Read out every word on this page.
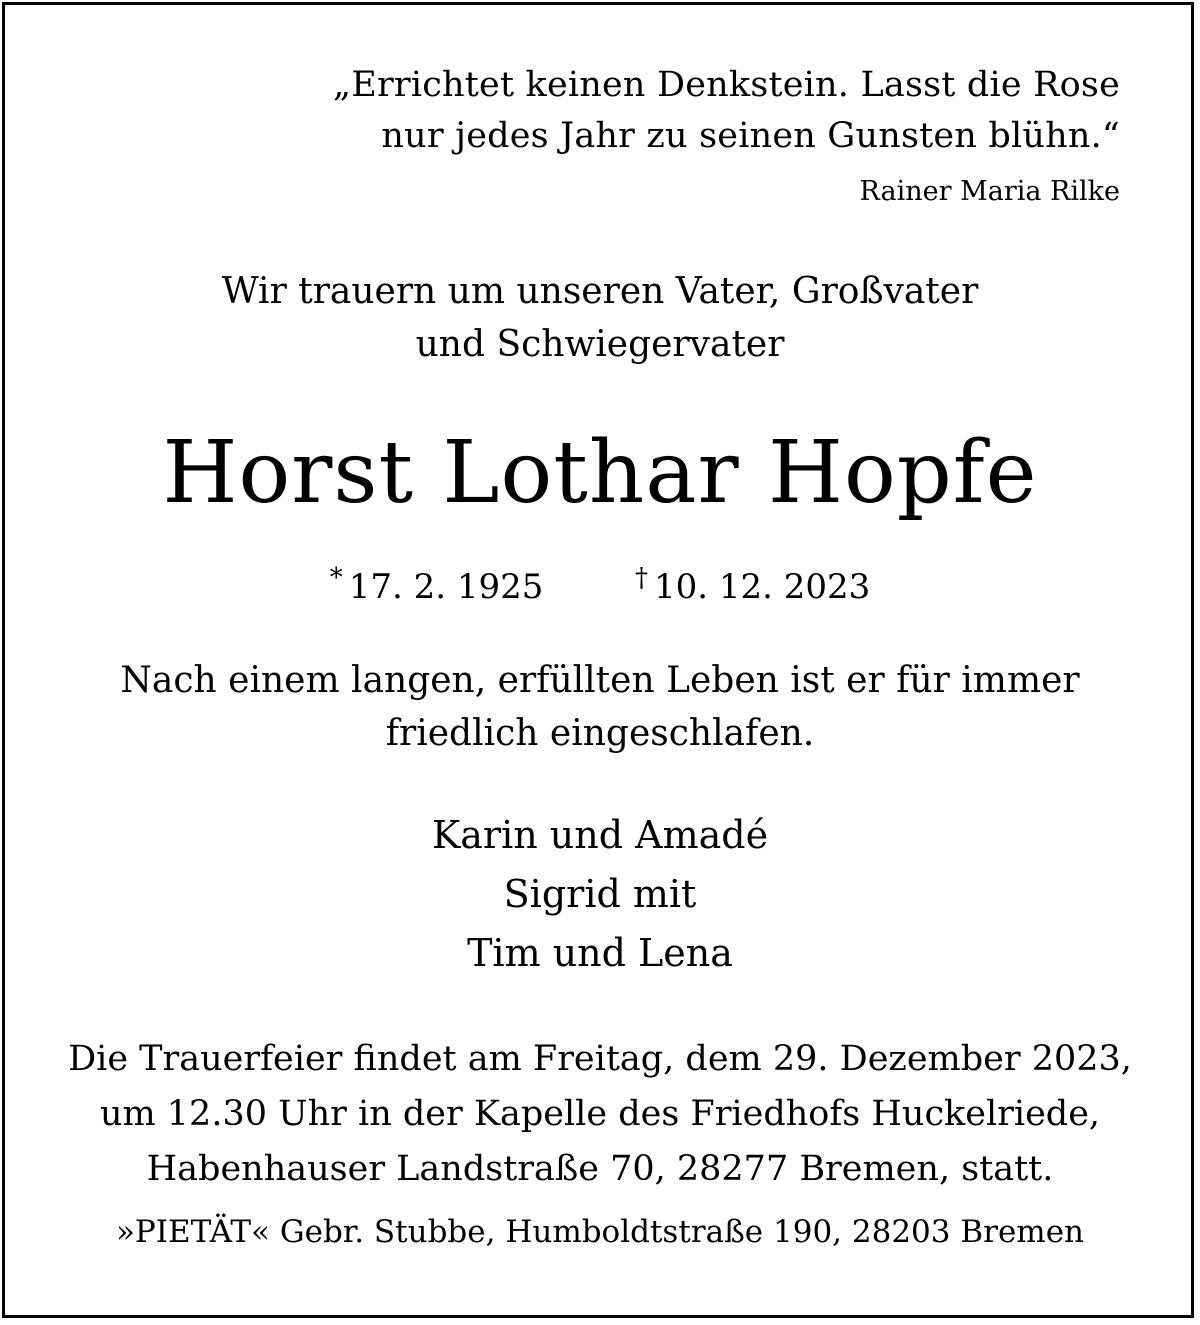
„Errichtet keinen Denkstein. Lasst die Rose
nur jedes Jahr zu seinen Gunsten blühn.“
Rainer Maria Rilke
Wir trauern um unseren Vater, Großvater
und Schwiegervater
Horst Lothar Hopfe
* 17. 2. 1925	† 10. 12. 2023
Nach einem langen, erfüllten Leben ist er für immer
friedlich eingeschlafen.
Karin und Amadé
Sigrid mit
Tim und Lena
Die Trauerfeier findet am Freitag, dem 29. Dezember 2023,
um 12.30 Uhr in der Kapelle des Friedhofs Huckelriede,
Habenhauser Landstraße 70, 28277 Bremen, statt.
»PIETÄT« Gebr. Stubbe, Humboldtstraße 190, 28203 Bremen
